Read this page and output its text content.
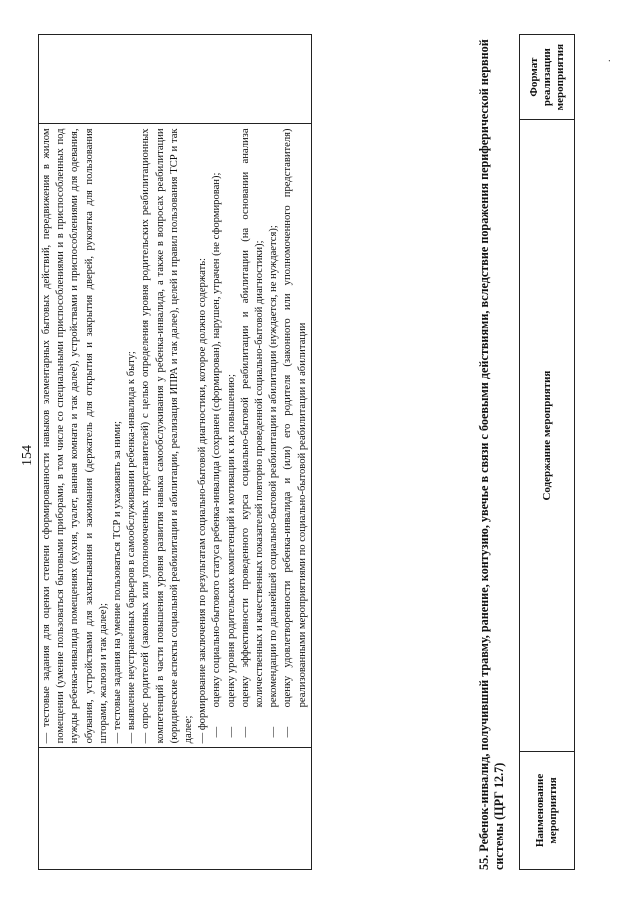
154
	— тестовые задания для оценки степени сформированности навыков элементарных бытовых действий, передвижения в жилом помещении (умение пользоваться бытовыми приборами, в том числе со специальными приспособлениями и в приспособленных под нужды ребенка-инвалида помещениях (кухня, туалет, ванная комната и так далее), устройствами и приспособлениями для одевания, обувания, устройствами для захватывания и зажимания (держатель для открытия и закрытия дверей, рукоятка для пользования шторами, жалюзи и так далее); — тестовые задания на умение пользоваться ТСР и ухаживать за ними; — выявление неустраненных барьеров в самообслуживании ребенка-инвалида к быту; — опрос родителей (законных или уполномоченных представителей) с целью определения уровня родительских реабилитационных компетенций в части повышения уровня развития навыка самообслуживания у ребенка-инвалида, а также в вопросах реабилитации (юридические аспекты социальной реабилитации и абилитации, реализация ИПРА и так далее), целей и правил пользования ТСР и так далее; — формирование заключения по результатам социально-бытовой диагностики, которое должно содержать: — оценку социально-бытового статуса ребенка-инвалида (сохранен (сформирован), нарушен, утрачен (не сформирован); — оценку уровня родительских компетенций и мотивации к их повышению; — оценку эффективности проведенного курса социально-бытовой реабилитации и абилитации (на основании анализа количественных и качественных показателей повторно проведенной социально-бытовой диагностики); — рекомендации по дальнейшей социально-бытовой реабилитации и абилитации (нуждается, не нуждается); — оценку удовлетворенности ребенка-инвалида и (или) его родителя (законного или уполномоченного представителя) реализованными мероприятиями по социально-бытовой реабилитации и абилитации
		55. Ребенок-инвалид, получивший травму, ранение, контузию, увечье в связи с боевыми действиями, вследствие поражения периферической нервной системы (ЦРГ 12.7)	Наименование мероприятия	Содержание мероприятия	Формат реализации мероприятия	.
